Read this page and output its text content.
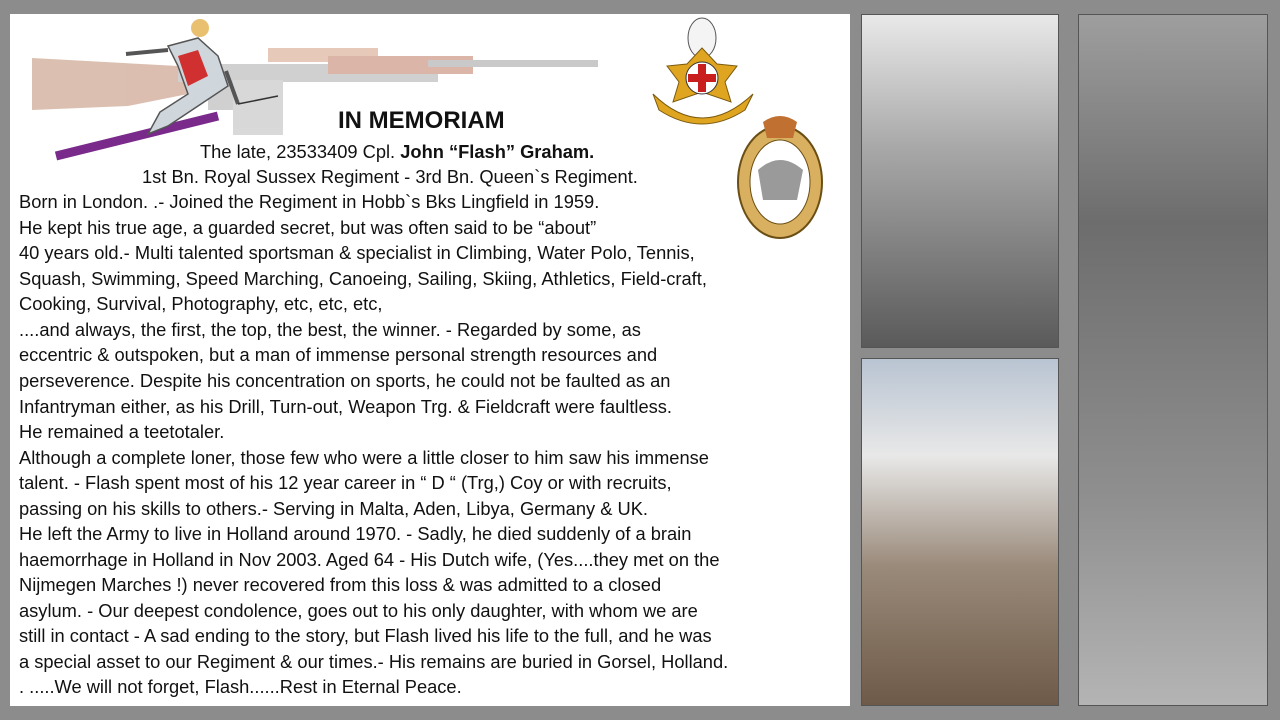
IN MEMORIAM
The late, 23533409 Cpl. John “Flash” Graham.
1st Bn. Royal Sussex Regiment - 3rd Bn. Queen`s Regiment.
Born in London. .- Joined the Regiment in Hobb`s Bks Lingfield in 1959.
He kept his true age, a guarded secret, but was often said to be “about”
40 years old.- Multi talented sportsman & specialist in Climbing, Water Polo, Tennis,
Squash, Swimming, Speed Marching, Canoeing, Sailing, Skiing, Athletics, Field-craft,
Cooking, Survival, Photography, etc, etc, etc,
....and always, the first, the top, the best, the winner. - Regarded by some, as
eccentric & outspoken, but a man of immense personal strength resources and
perseverence. Despite his concentration on sports, he could not be faulted as an
Infantryman either, as his Drill, Turn-out, Weapon Trg. & Fieldcraft were faultless.
He remained a teetotaler.
Although a complete loner, those few who were a little closer to him saw his immense
talent. - Flash spent most of his 12 year career in “ D “ (Trg,) Coy or with recruits,
passing on his skills to others.- Serving in Malta, Aden, Libya, Germany & UK.
He left the Army to live in Holland around 1970. - Sadly, he died suddenly of a brain
haemorrhage in Holland in Nov 2003. Aged 64 - His Dutch wife, (Yes....they met on the
Nijmegen Marches !) never recovered from this loss & was admitted to a closed
asylum. - Our deepest condolence, goes out to his only daughter, with whom we are
still in contact - A sad ending to the story, but Flash lived his life to the full, and he was
a special asset to our Regiment & our times.- His remains are buried in Gorsel, Holland.
. .....We will not forget, Flash......Rest in Eternal Peace.
